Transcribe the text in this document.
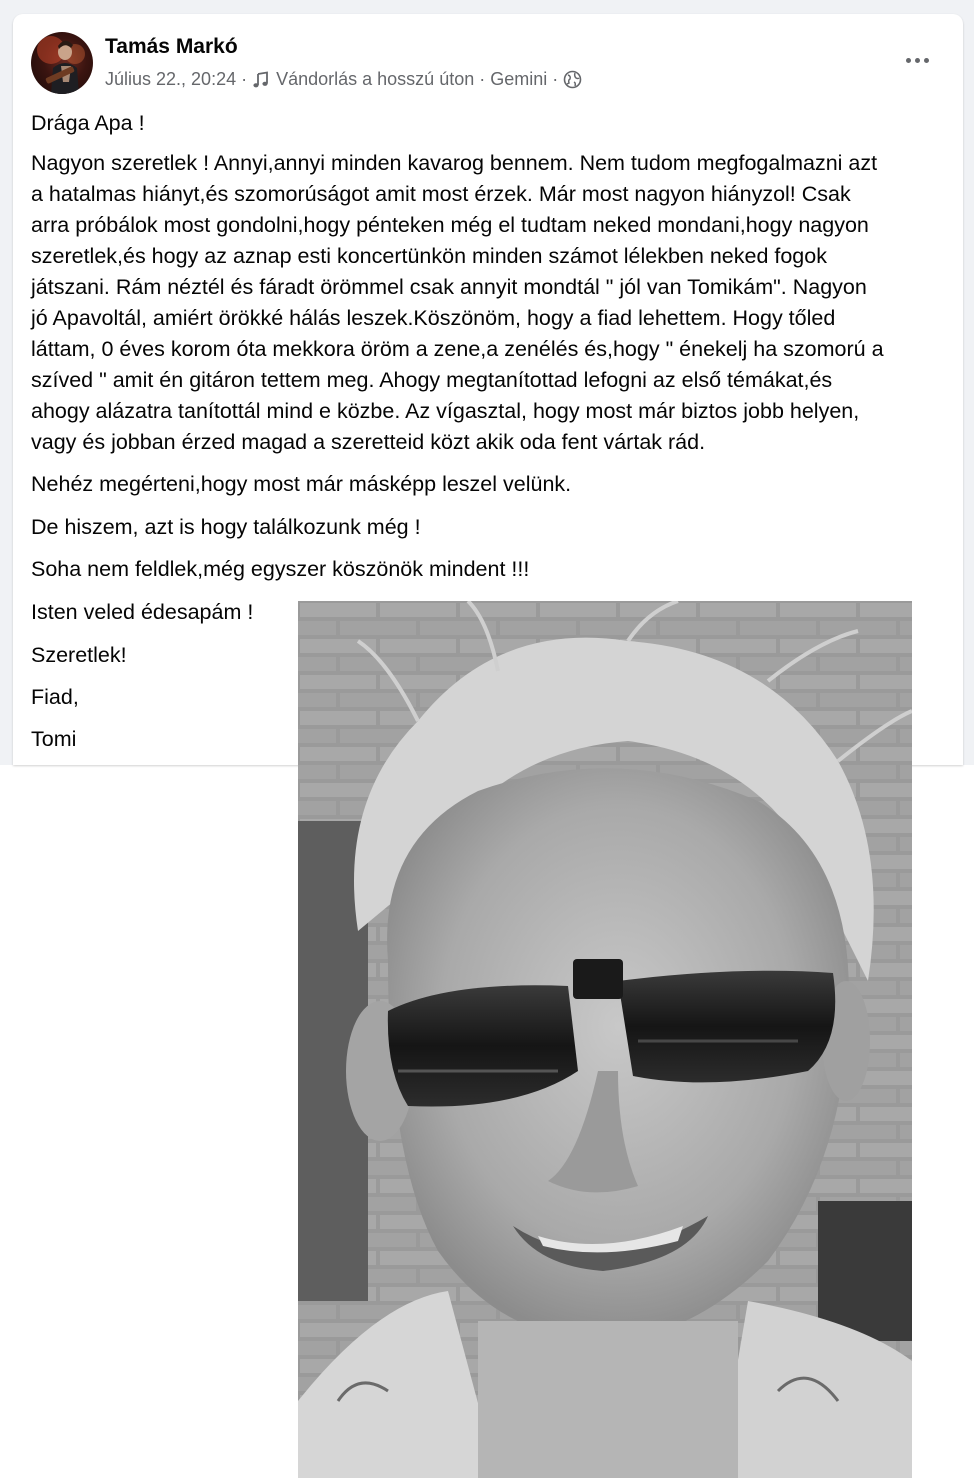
Tamás Markó
Július 22., 20:24 · Vándorlás a hosszú úton · Gemini ·
Drága Apa !
Nagyon szeretlek ! Annyi,annyi minden kavarog bennem. Nem tudom megfogalmazni azt
a hatalmas hiányt,és szomorúságot amit most érzek. Már most nagyon hiányzol! Csak
arra próbálok most gondolni,hogy pénteken még el tudtam neked mondani,hogy nagyon
szeretlek,és hogy az aznap esti koncertünkön minden számot lélekben neked fogok
játszani. Rám néztél és fáradt örömmel csak annyit mondtál " jól van Tomikám". Nagyon
jó Apavoltál, amiért örökké hálás leszek.Köszönöm, hogy a fiad lehettem. Hogy tőled
láttam, 0 éves korom óta mekkora öröm a zene,a zenélés és,hogy " énekelj ha szomorú a
szíved " amit én gitáron tettem meg. Ahogy megtanítottad lefogni az első témákat,és
ahogy alázatra tanítottál mind e közbe. Az vígasztal, hogy most már biztos jobb helyen,
vagy és jobban érzed magad a szeretteid közt akik oda fent vártak rád.
Nehéz megérteni,hogy most már másképp leszel velünk.
De hiszem, azt is hogy találkozunk még !
Soha nem feldlek,még egyszer köszönök mindent !!!
Isten veled édesapám !
Szeretlek!
Fiad,
Tomi
